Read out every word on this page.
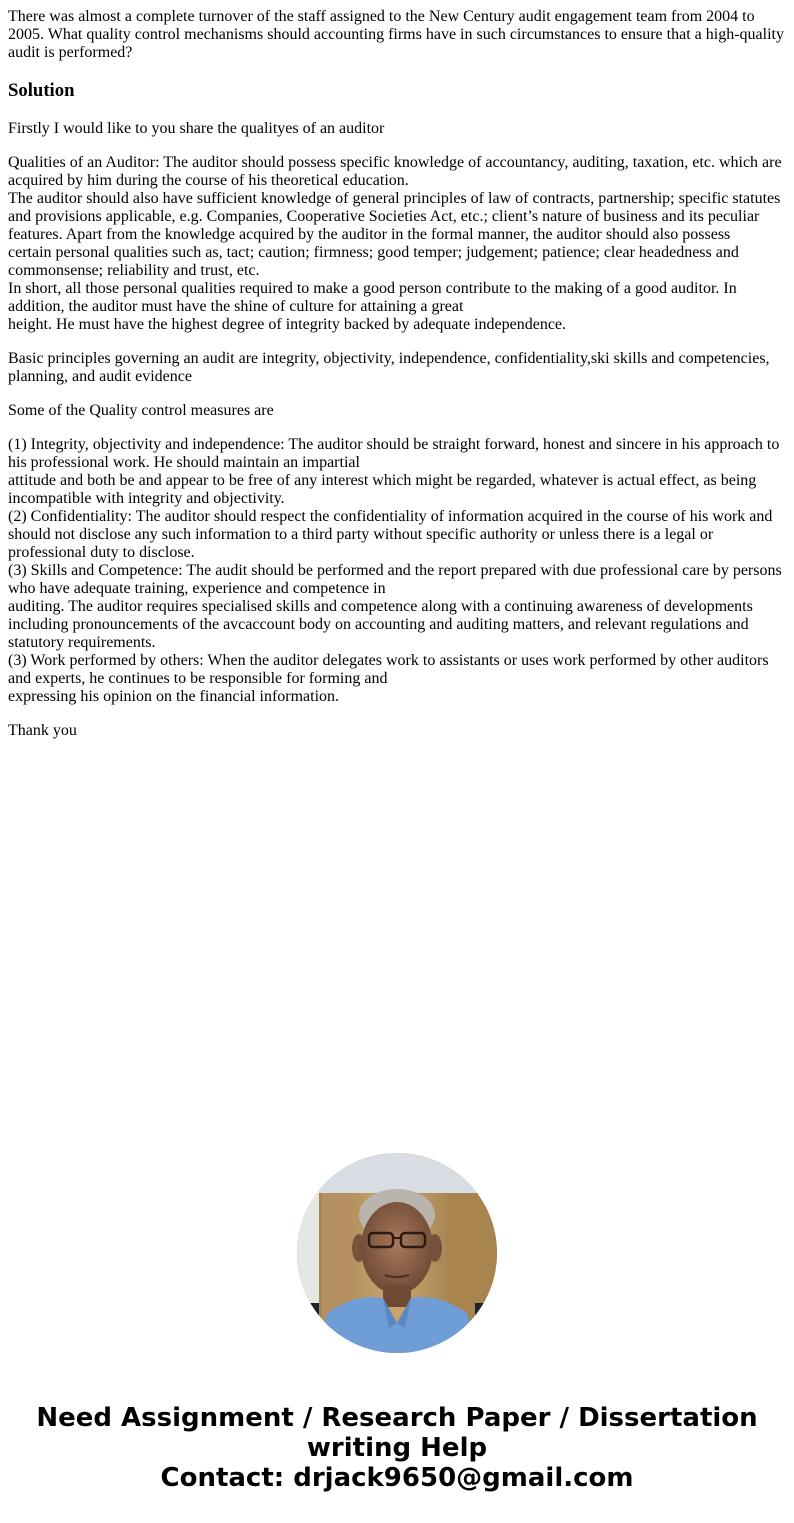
There was almost a complete turnover of the staff assigned to the New Century audit engagement team from 2004 to 2005. What quality control mechanisms should accounting firms have in such circumstances to ensure that a high-quality audit is performed?

Solution

Firstly I would like to you share the qualityes of an auditor

Qualities of an Auditor: The auditor should possess specific knowledge of accountancy, auditing, taxation, etc. which are acquired by him during the course of his theoretical education.
The auditor should also have sufficient knowledge of general principles of law of contracts, partnership; specific statutes and provisions applicable, e.g. Companies, Cooperative Societies Act, etc.; client’s nature of business and its peculiar features. Apart from the knowledge acquired by the auditor in the formal manner, the auditor should also possess
certain personal qualities such as, tact; caution; firmness; good temper; judgement; patience; clear headedness and commonsense; reliability and trust, etc.
In short, all those personal qualities required to make a good person contribute to the making of a good auditor. In addition, the auditor must have the shine of culture for attaining a great
height. He must have the highest degree of integrity backed by adequate independence.

Basic principles governing an audit are integrity, objectivity, independence, confidentiality,ski skills and competencies, planning, and audit evidence

Some of the Quality control measures are

(1) Integrity, objectivity and independence: The auditor should be straight forward, honest and sincere in his approach to his professional work. He should maintain an impartial
attitude and both be and appear to be free of any interest which might be regarded, whatever is actual effect, as being incompatible with integrity and objectivity.
(2) Confidentiality: The auditor should respect the confidentiality of information acquired in the course of his work and should not disclose any such information to a third party without specific authority or unless there is a legal or professional duty to disclose.
(3) Skills and Competence: The audit should be performed and the report prepared with due professional care by persons who have adequate training, experience and competence in
auditing. The auditor requires specialised skills and competence along with a continuing awareness of developments including pronouncements of the avcaccount body on accounting and auditing matters, and relevant regulations and statutory requirements.
(3) Work performed by others: When the auditor delegates work to assistants or uses work performed by other auditors and experts, he continues to be responsible for forming and
expressing his opinion on the financial information.

Thank you

Need Assignment / Research Paper / Dissertation
writing Help
Contact: drjack9650@gmail.com
